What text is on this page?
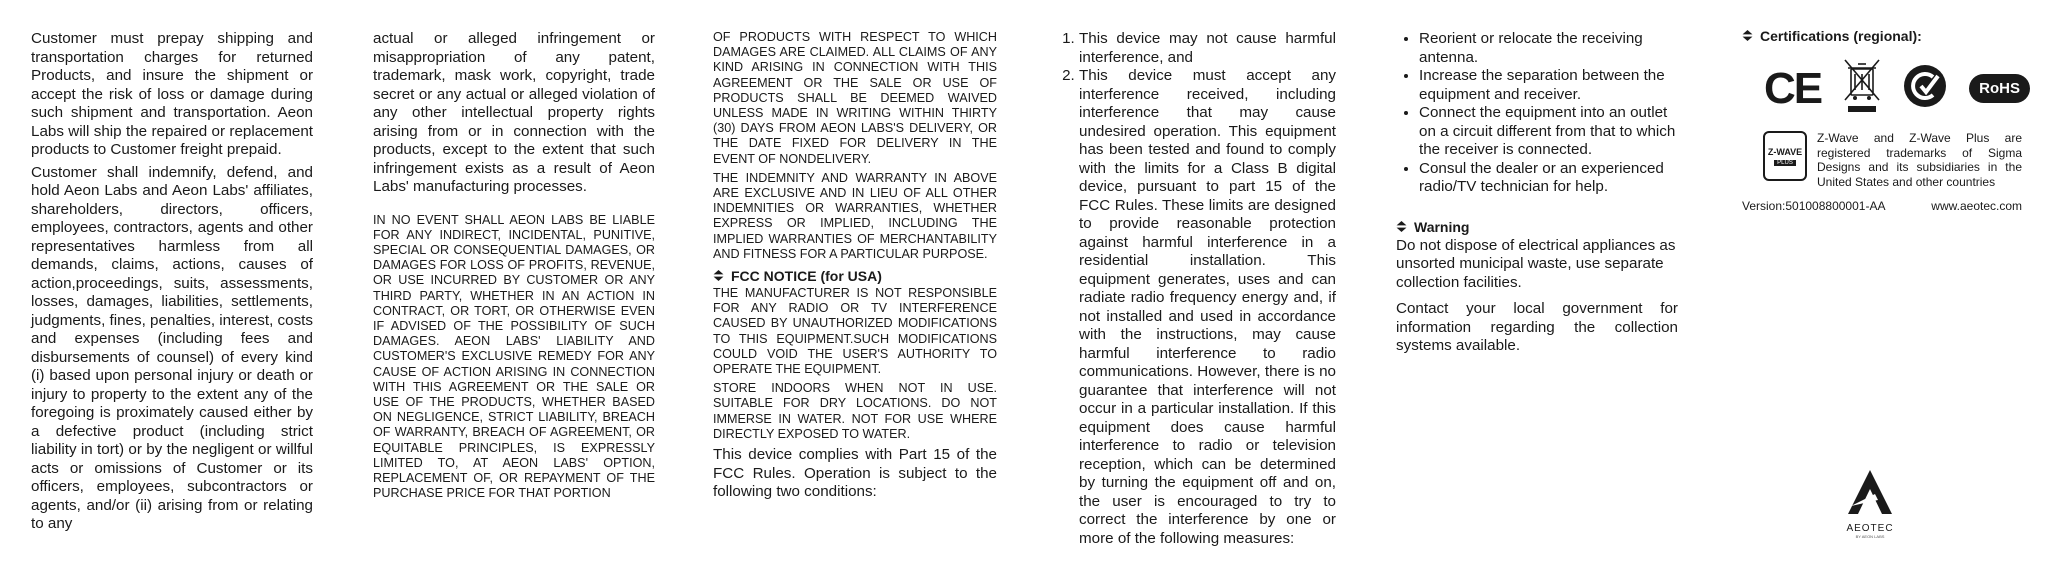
Customer must prepay shipping and transportation charges for returned Products, and insure the shipment or accept the risk of loss or damage during such shipment and transportation. Aeon Labs will ship the repaired or replacement products to Customer freight prepaid.

Customer shall indemnify, defend, and hold Aeon Labs and Aeon Labs' affiliates, shareholders, directors, officers, employees, contractors, agents and other representatives harmless from all demands, claims, actions, causes of action,proceedings, suits, assessments, losses, damages, liabilities, settlements, judgments, fines, penalties, interest, costs and expenses (including fees and disbursements of counsel) of every kind (i) based upon personal injury or death or injury to property to the extent any of the foregoing is proximately caused either by a defective product (including strict liability in tort) or by the negligent or willful acts or omissions of Customer or its officers, employees, subcontractors or agents, and/or (ii) arising from or relating to any

actual or alleged infringement or misappropriation of any patent, trademark, mask work, copyright, trade secret or any actual or alleged violation of any other intellectual property rights arising from or in connection with the products, except to the extent that such infringement exists as a result of Aeon Labs' manufacturing processes.

IN NO EVENT SHALL AEON LABS BE LIABLE FOR ANY INDIRECT, INCIDENTAL, PUNITIVE, SPECIAL OR CONSEQUENTIAL DAMAGES, OR DAMAGES FOR LOSS OF PROFITS, REVENUE, OR USE INCURRED BY CUSTOMER OR ANY THIRD PARTY, WHETHER IN AN ACTION IN CONTRACT, OR TORT, OR OTHERWISE EVEN IF ADVISED OF THE POSSIBILITY OF SUCH DAMAGES. AEON LABS' LIABILITY AND CUSTOMER'S EXCLUSIVE REMEDY FOR ANY CAUSE OF ACTION ARISING IN CONNECTION WITH THIS AGREEMENT OR THE SALE OR USE OF THE PRODUCTS, WHETHER BASED ON NEGLIGENCE, STRICT LIABILITY, BREACH OF WARRANTY, BREACH OF AGREEMENT, OR EQUITABLE PRINCIPLES, IS EXPRESSLY LIMITED TO, AT AEON LABS' OPTION, REPLACEMENT OF, OR REPAYMENT OF THE PURCHASE PRICE FOR THAT PORTION

OF PRODUCTS WITH RESPECT TO WHICH DAMAGES ARE CLAIMED. ALL CLAIMS OF ANY KIND ARISING IN CONNECTION WITH THIS AGREEMENT OR THE SALE OR USE OF PRODUCTS SHALL BE DEEMED WAIVED UNLESS MADE IN WRITING WITHIN THIRTY (30) DAYS FROM AEON LABS'S DELIVERY, OR THE DATE FIXED FOR DELIVERY IN THE EVENT OF NONDELIVERY.

THE INDEMNITY AND WARRANTY IN ABOVE ARE EXCLUSIVE AND IN LIEU OF ALL OTHER INDEMNITIES OR WARRANTIES, WHETHER EXPRESS OR IMPLIED, INCLUDING THE IMPLIED WARRANTIES OF MERCHANTABILITY AND FITNESS FOR A PARTICULAR PURPOSE.

FCC NOTICE (for USA)

THE MANUFACTURER IS NOT RESPONSIBLE FOR ANY RADIO OR TV INTERFERENCE CAUSED BY UNAUTHORIZED MODIFICATIONS TO THIS EQUIPMENT.SUCH MODIFICATIONS COULD VOID THE USER'S AUTHORITY TO OPERATE THE EQUIPMENT.

STORE INDOORS WHEN NOT IN USE. SUITABLE FOR DRY LOCATIONS. DO NOT IMMERSE IN WATER. NOT FOR USE WHERE DIRECTLY EXPOSED TO WATER.

This device complies with Part 15 of the FCC Rules. Operation is subject to the following two conditions:

1. This device may not cause harmful interference, and
2. This device must accept any interference received, including interference that may cause undesired operation. This equipment has been tested and found to comply with the limits for a Class B digital device, pursuant to part 15 of the FCC Rules. These limits are designed to provide reasonable protection against harmful interference in a residential installation. This equipment generates, uses and can radiate radio frequency energy and, if not installed and used in accordance with the instructions, may cause harmful interference to radio communications. However, there is no guarantee that interference will not occur in a particular installation. If this equipment does cause harmful interference to radio or television reception, which can be determined by turning the equipment off and on, the user is encouraged to try to correct the interference by one or more of the following measures:
• Reorient or relocate the receiving antenna.
• Increase the separation between the equipment and receiver.
• Connect the equipment into an outlet on a circuit different from that to which the receiver is connected.
• Consul the dealer or an experienced radio/TV technician for help.
Warning

Do not dispose of electrical appliances as unsorted municipal waste, use separate collection facilities.

Contact your local government for information regarding the collection systems available.

Certifications (regional):
CE	RoHS
Z-WAVE
PLUS

Z-Wave and Z-Wave Plus are registered trademarks of Sigma Designs and its subsidiaries in the United States and other countries

Version:501008800001-AA	www.aeotec.com
AEOTEC
BY AEON LABS
